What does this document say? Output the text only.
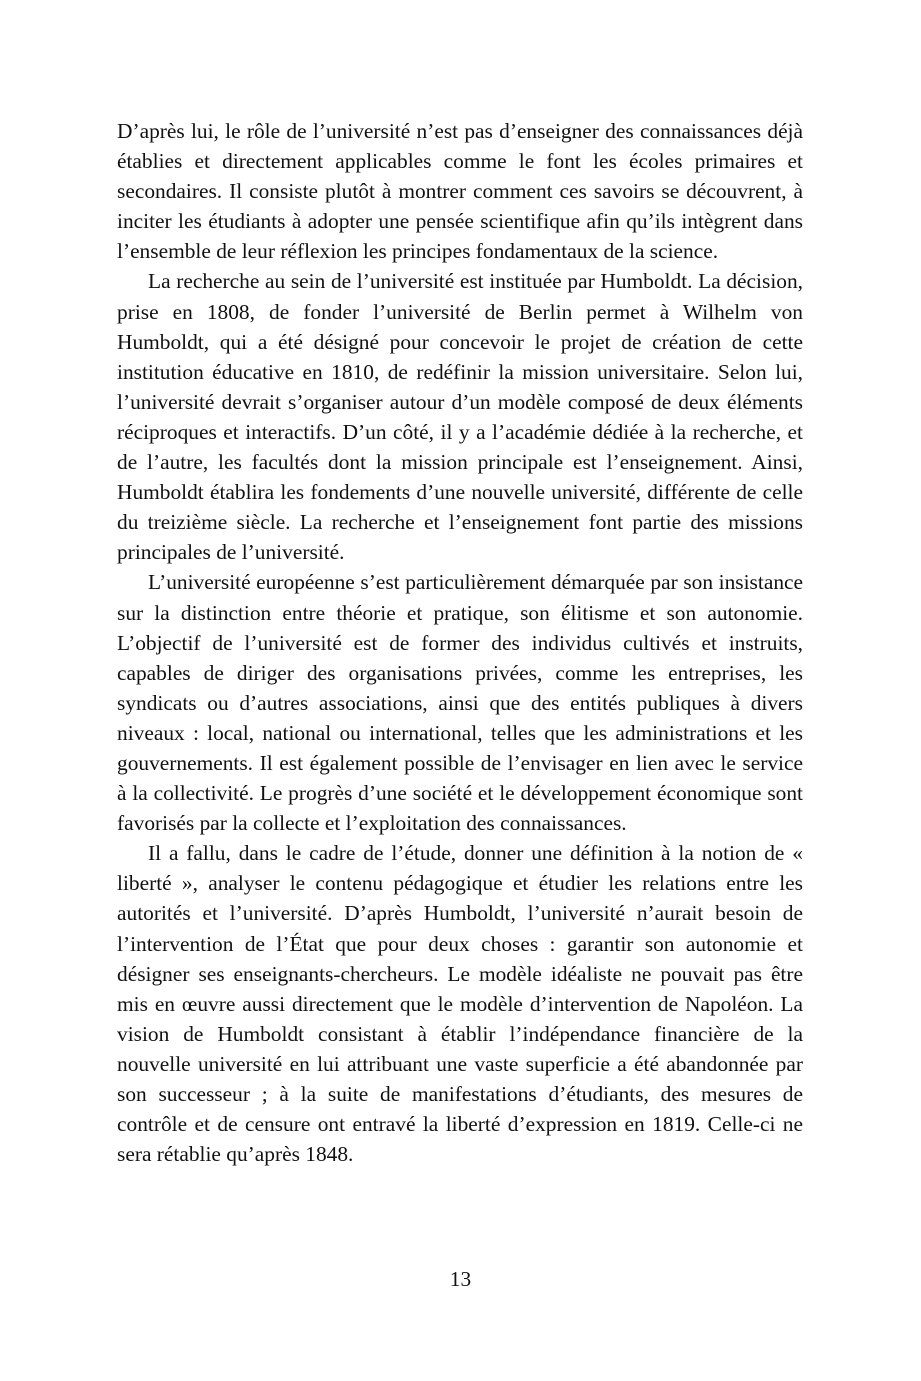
D’après lui, le rôle de l’université n’est pas d’enseigner des connaissances déjà établies et directement applicables comme le font les écoles primaires et secondaires. Il consiste plutôt à montrer comment ces savoirs se découvrent, à inciter les étudiants à adopter une pensée scientifique afin qu’ils intègrent dans l’ensemble de leur réflexion les principes fondamentaux de la science.

La recherche au sein de l’université est instituée par Humboldt. La décision, prise en 1808, de fonder l’université de Berlin permet à Wilhelm von Humboldt, qui a été désigné pour concevoir le projet de création de cette institution éducative en 1810, de redéfinir la mission universitaire. Selon lui, l’université devrait s’organiser autour d’un modèle composé de deux éléments réciproques et interactifs. D’un côté, il y a l’académie dédiée à la recherche, et de l’autre, les facultés dont la mission principale est l’enseignement. Ainsi, Humboldt établira les fondements d’une nouvelle université, différente de celle du treizième siècle. La recherche et l’enseignement font partie des missions principales de l’université.

L’université européenne s’est particulièrement démarquée par son insistance sur la distinction entre théorie et pratique, son élitisme et son autonomie. L’objectif de l’université est de former des individus cultivés et instruits, capables de diriger des organisations privées, comme les entreprises, les syndicats ou d’autres associations, ainsi que des entités publiques à divers niveaux : local, national ou international, telles que les administrations et les gouvernements. Il est également possible de l’envisager en lien avec le service à la collectivité. Le progrès d’une société et le développement économique sont favorisés par la collecte et l’exploitation des connaissances.

Il a fallu, dans le cadre de l’étude, donner une définition à la notion de « liberté », analyser le contenu pédagogique et étudier les relations entre les autorités et l’université. D’après Humboldt, l’université n’aurait besoin de l’intervention de l’État que pour deux choses : garantir son autonomie et désigner ses enseignants-chercheurs. Le modèle idéaliste ne pouvait pas être mis en œuvre aussi directement que le modèle d’intervention de Napoléon. La vision de Humboldt consistant à établir l’indépendance financière de la nouvelle université en lui attribuant une vaste superficie a été abandonnée par son successeur ; à la suite de manifestations d’étudiants, des mesures de contrôle et de censure ont entravé la liberté d’expression en 1819. Celle-ci ne sera rétablie qu’après 1848.

13
